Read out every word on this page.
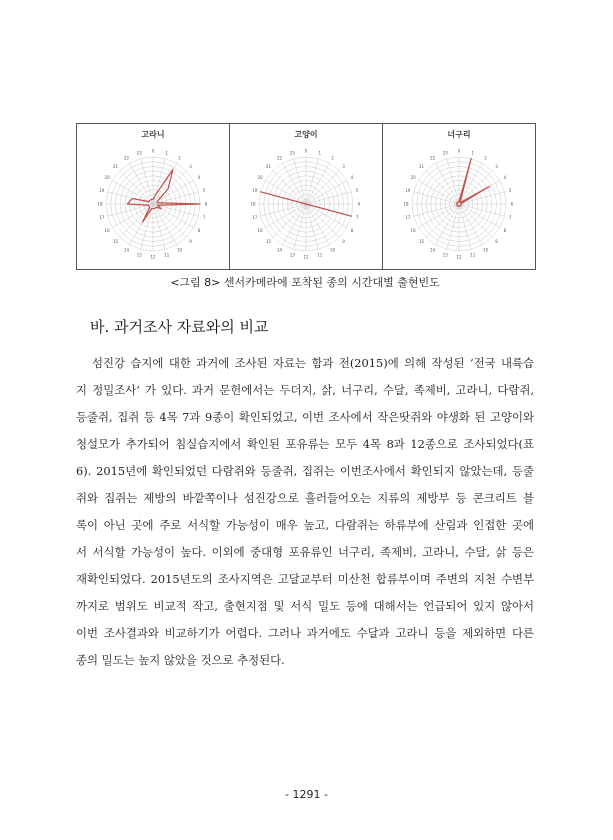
고라니
0	1
2
3
4
5
6
7
8
9
10
11
12
13
14
15
16
17
18
19
20
21
22
23
고양이
0	1
2
3
4
5
6
7
8
9
10
11
12
13
14
15
16
17
18
19
20
21
22
23
너구리
0	1
2
3
4
5
6
7
8
9
10
11
12
13
14
15
16
17
18
19
20
21
22
23
<그림 8> 센서카메라에 포착된 종의 시간대별 출현빈도
바. 과거조사 자료와의 비교
섬진강 습지에 대한 과거에 조사된 자료는 함과 전(2015)에 의해 작성된 ‘전국 내륙습
지 정밀조사’ 가 있다. 과거 문헌에서는 두더지, 삵, 너구리, 수달, 족제비, 고라니, 다람쥐,
등줄쥐, 집쥐 등 4목 7과 9종이 확인되었고, 이번 조사에서 작은땃쥐와 야생화 된 고양이와
청설모가 추가되어 침실습지에서 확인된 포유류는 모두 4목 8과 12종으로 조사되었다(표
6). 2015년에 확인되었던 다람쥐와 등줄쥐, 집쥐는 이번조사에서 확인되지 않았는데, 등줄
쥐와 집쥐는 제방의 바깥쪽이나 섬진강으로 흘러들어오는 지류의 제방부 등 콘크리트 블
록이 아닌 곳에 주로 서식할 가능성이 매우 높고, 다람쥐는 하류부에 산림과 인접한 곳에
서 서식할 가능성이 높다. 이외에 중대형 포유류인 너구리, 족제비, 고라니, 수달, 삵 등은
재확인되었다. 2015년도의 조사지역은 고달교부터 미산천 합류부이며 주변의 지천 수변부
까지로 범위도 비교적 작고, 출현지점 및 서식 밀도 등에 대해서는 언급되어 있지 않아서
이번 조사결과와 비교하기가 어렵다. 그러나 과거에도 수달과 고라니 등을 제외하면 다른
종의 밀도는 높지 않았을 것으로 추정된다.
- 1291 -
